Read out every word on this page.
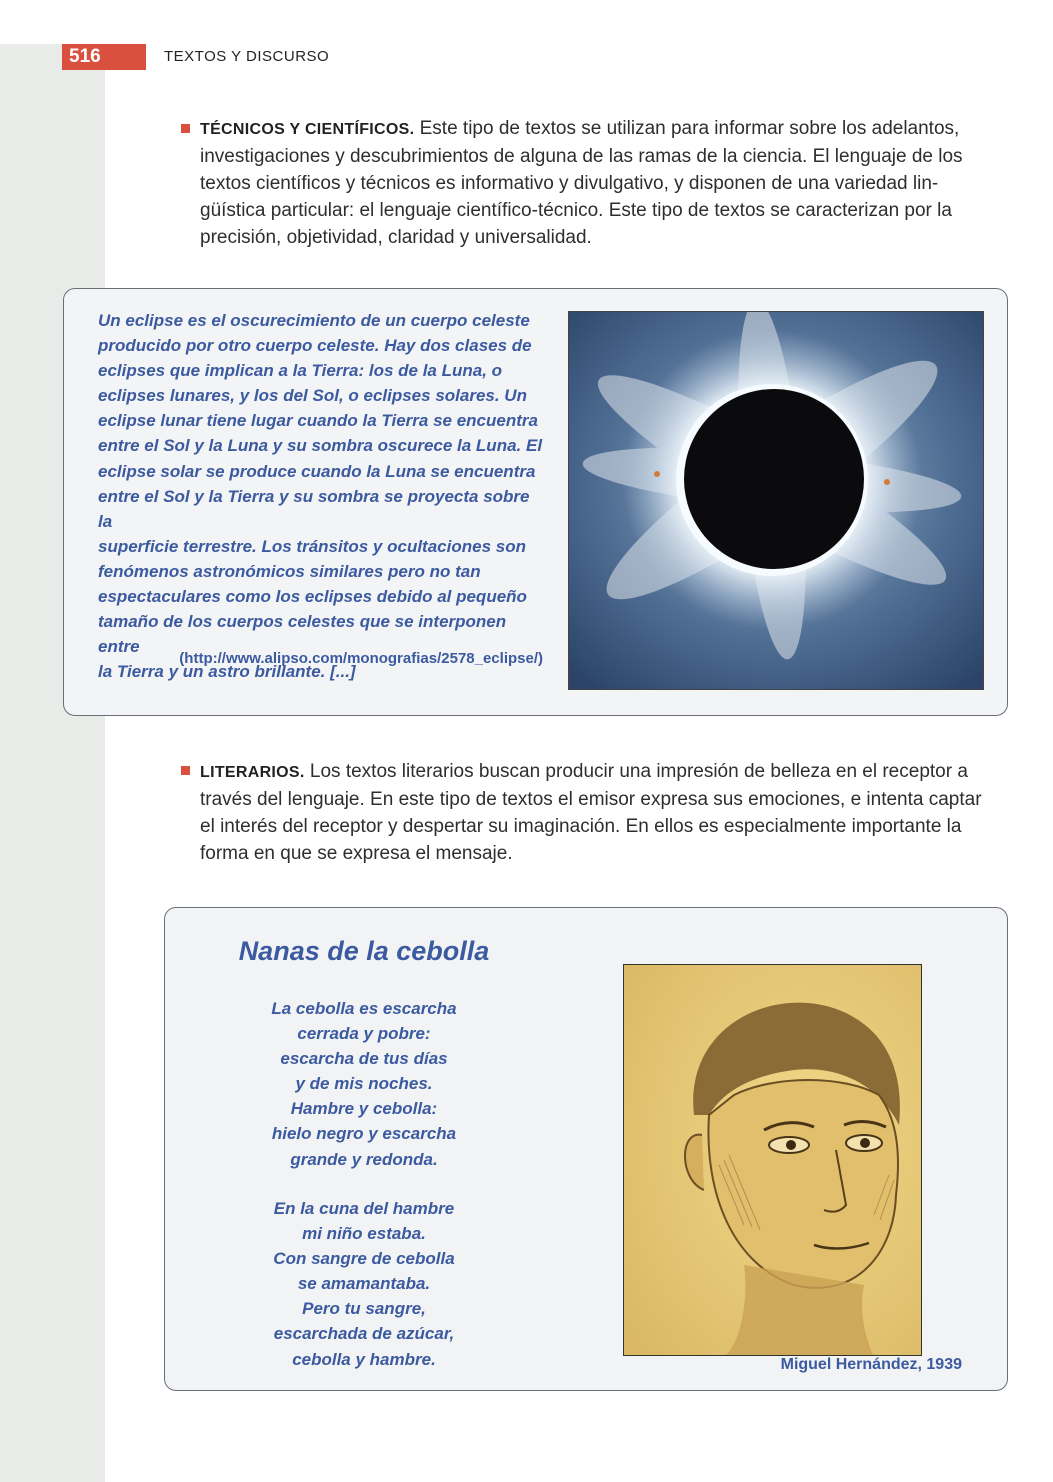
516	TEXTOS Y DISCURSO
TÉCNICOS Y CIENTÍFICOS. Este tipo de textos se utilizan para informar sobre los adelantos,
investigaciones y descubrimientos de alguna de las ramas de la ciencia. El lenguaje de los
textos científicos y técnicos es informativo y divulgativo, y disponen de una variedad lin-
güística particular: el lenguaje científico-técnico. Este tipo de textos se caracterizan por la
precisión, objetividad, claridad y universalidad.
Un eclipse es el oscurecimiento de un cuerpo celeste
producido por otro cuerpo celeste. Hay dos clases de
eclipses que implican a la Tierra: los de la Luna, o
eclipses lunares, y los del Sol, o eclipses solares. Un
eclipse lunar tiene lugar cuando la Tierra se encuentra
entre el Sol y la Luna y su sombra oscurece la Luna. El
eclipse solar se produce cuando la Luna se encuentra
entre el Sol y la Tierra y su sombra se proyecta sobre la
superficie terrestre. Los tránsitos y ocultaciones son
fenómenos astronómicos similares pero no tan
espectaculares como los eclipses debido al pequeño
tamaño de los cuerpos celestes que se interponen entre
la Tierra y un astro brillante. [...]
(http://www.alipso.com/monografias/2578_eclipse/)
LITERARIOS. Los textos literarios buscan producir una impresión de belleza en el receptor a
través del lenguaje. En este tipo de textos el emisor expresa sus emociones, e intenta captar
el interés del receptor y despertar su imaginación. En ellos es especialmente importante la
forma en que se expresa el mensaje.
Nanas de la cebolla
La cebolla es escarcha
cerrada y pobre:
escarcha de tus días
y de mis noches.
Hambre y cebolla:
hielo negro y escarcha
grande y redonda.
En la cuna del hambre
mi niño estaba.
Con sangre de cebolla
se amamantaba.
Pero tu sangre,
escarchada de azúcar,
cebolla y hambre.	Miguel Hernández, 1939
